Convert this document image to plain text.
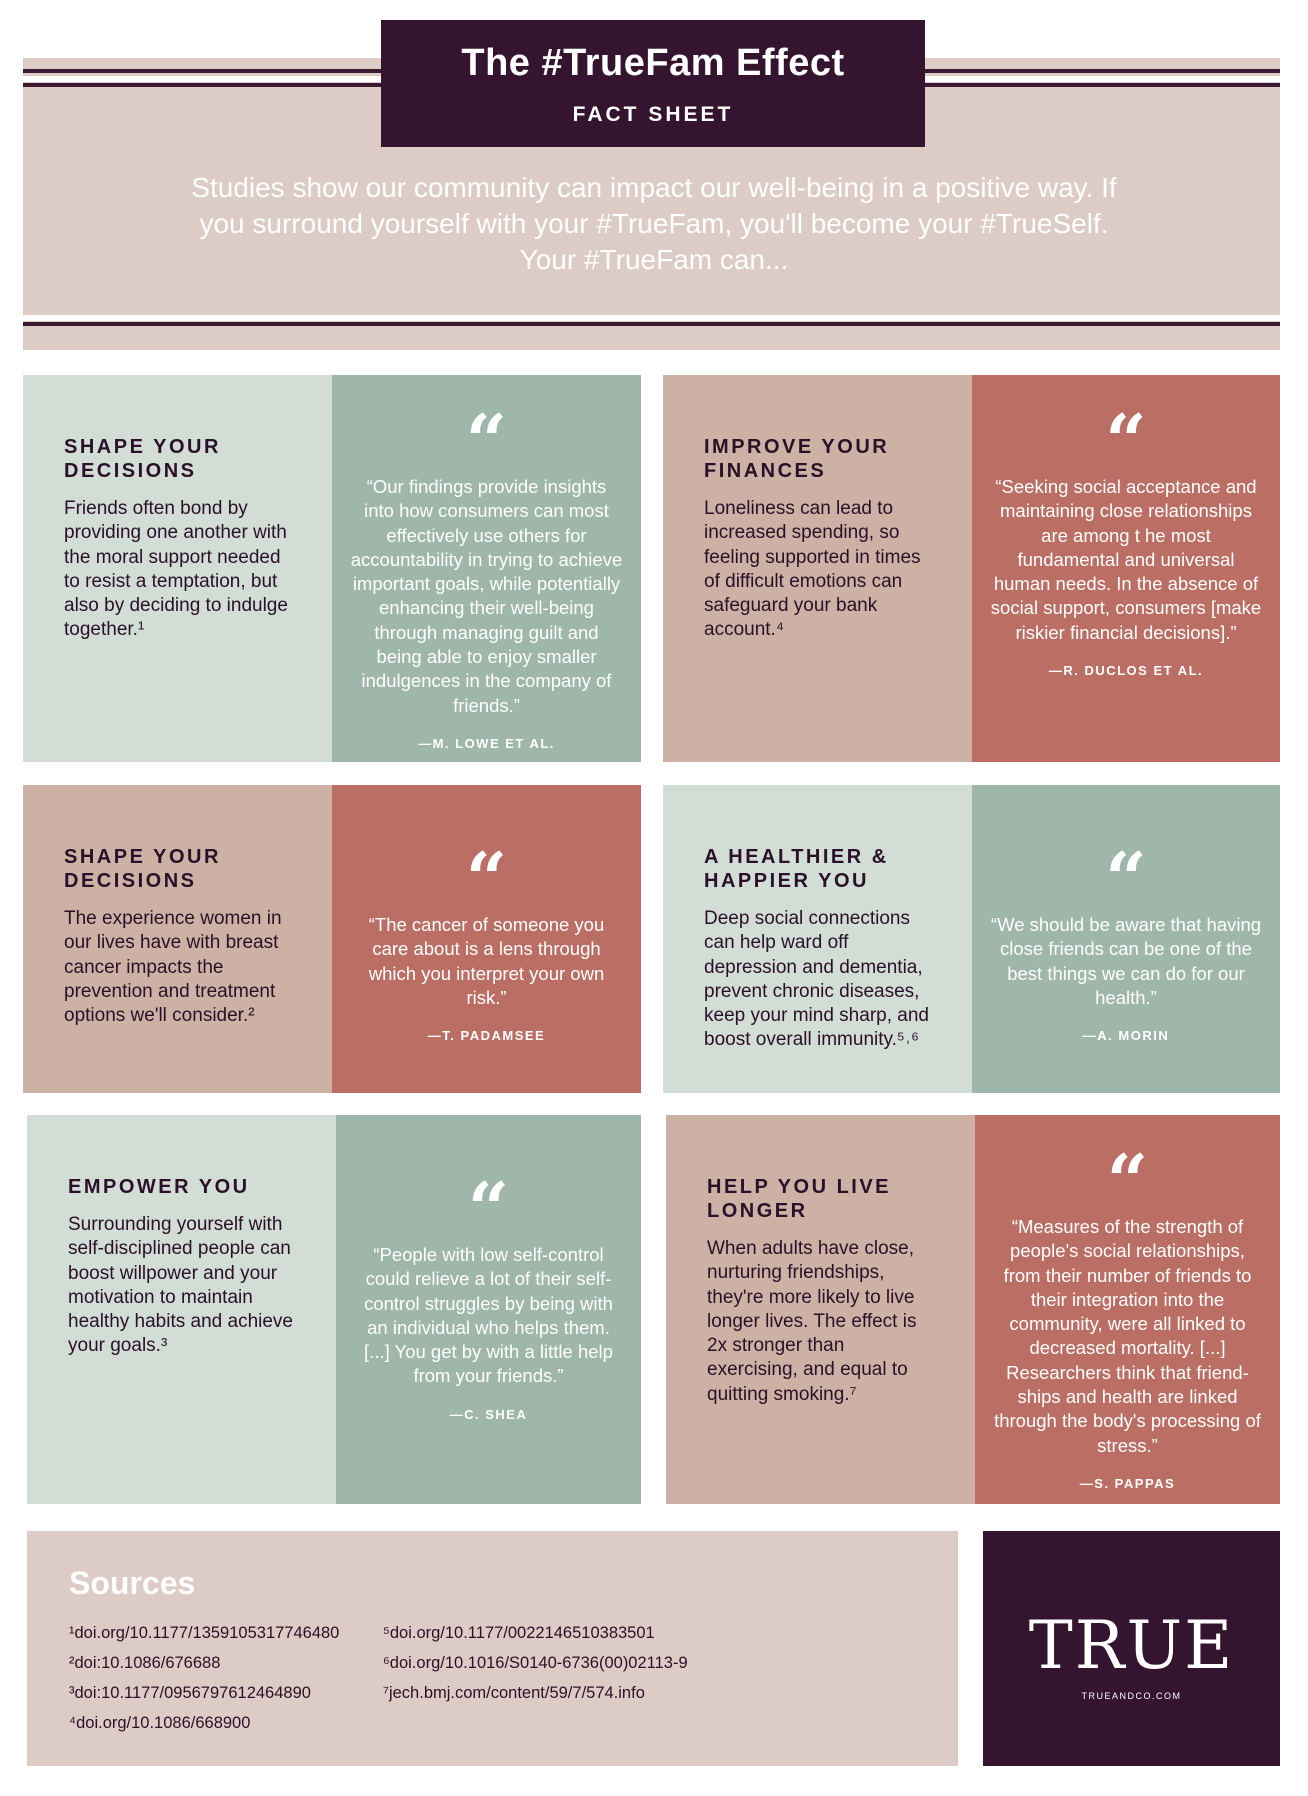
The #TrueFam Effect
FACT SHEET
Studies show our community can impact our well-being in a positive way. If you surround yourself with your #TrueFam, you'll become your #TrueSelf. Your #TrueFam can...
SHAPE YOUR DECISIONS

Friends often bond by providing one another with the moral support needed to resist a temptation, but also by deciding to indulge together.¹

“

“Our findings provide insights into how consumers can most effectively use others for accountability in trying to achieve important goals, while potentially enhancing their well-being through managing guilt and being able to enjoy smaller indulgences in the company of friends.”

—M. LOWE ET AL.
IMPROVE YOUR FINANCES

Loneliness can lead to increased spending, so feeling supported in times of difficult emotions can safeguard your bank account.⁴

“

“Seeking social acceptance and maintaining close relationships are among t he most fundamental and universal human needs. In the absence of social support, consumers [make riskier financial decisions].”

—R. DUCLOS ET AL.
SHAPE YOUR DECISIONS

The experience women in our lives have with breast cancer impacts the prevention and treatment options we'll consider.²

“

“The cancer of someone you care about is a lens through which you interpret your own risk.”

—T. PADAMSEE
A HEALTHIER & HAPPIER YOU

Deep social connections can help ward off depression and dementia, prevent chronic diseases, keep your mind sharp, and boost overall immunity.⁵˒⁶

“

“We should be aware that having close friends can be one of the best things we can do for our health.”

—A. MORIN
EMPOWER YOU

Surrounding yourself with self-disciplined people can boost willpower and your motivation to maintain healthy habits and achieve your goals.³

“

“People with low self-control could relieve a lot of their self-control struggles by being with an individual who helps them. [...] You get by with a little help from your friends.”

—C. SHEA
HELP YOU LIVE LONGER

When adults have close, nurturing friendships, they're more likely to live longer lives. The effect is 2x stronger than exercising, and equal to quitting smoking.⁷

“

“Measures of the strength of people's social relationships, from their number of friends to their integration into the community, were all linked to decreased mortality. [...] Researchers think that friend-ships and health are linked through the body's processing of stress.”

—S. PAPPAS
Sources
¹doi.org/10.1177/1359105317746480
²doi:10.1086/676688
³doi:10.1177/0956797612464890
⁴doi.org/10.1086/668900
⁵doi.org/10.1177/0022146510383501
⁶doi.org/10.1016/S0140-6736(00)02113-9
⁷jech.bmj.com/content/59/7/574.info
TRUE
TRUEANDCO.COM
